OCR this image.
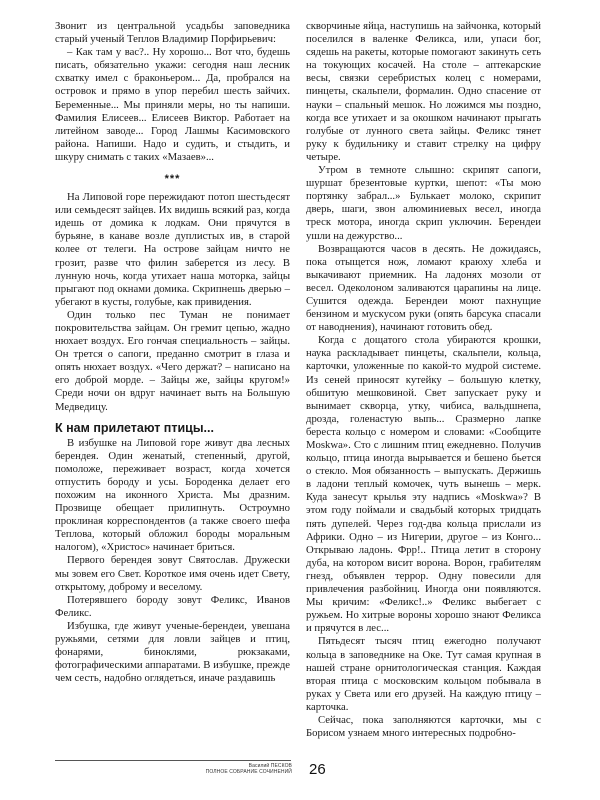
Звонит из центральной усадьбы заповедника старый ученый Теплов Владимир Порфирьевич:

– Как там у вас?.. Ну хорошо... Вот что, будешь писать, обязательно укажи: сегодня наш лесник схватку имел с браконьером... Да, пробрался на островок и прямо в упор перебил шесть зайчих. Беременные... Мы приняли меры, но ты напиши. Фамилия Елисеев... Елисеев Виктор. Работает на литейном заводе... Город Лашмы Касимовского района. Напиши. Надо и судить, и стыдить, и шкуру снимать с таких «Мазаев»...

***

На Липовой горе пережидают потоп шестьдесят или семьдесят зайцев. Их видишь всякий раз, когда идешь от домика к лодкам. Они прячутся в бурьяне, в канаве возле дуплистых ив, в старой колее от телеги. На острове зайцам ничто не грозит, разве что филин заберется из лесу. В лунную ночь, когда утихает наша моторка, зайцы прыгают под окнами домика. Скрипнешь дверью – убегают в кусты, голубые, как привидения.

Один только пес Туман не понимает покровительства зайцам. Он гремит цепью, жадно нюхает воздух. Его гончая специальность – зайцы. Он трется о сапоги, преданно смотрит в глаза и опять нюхает воздух. «Чего держат? – написано на его доброй морде. – Зайцы же, зайцы кругом!» Среди ночи он вдруг начинает выть на Большую Медведицу.

К нам прилетают птицы...

В избушке на Липовой горе живут два лесных берендея. Один женатый, степенный, другой, помоложе, переживает возраст, когда хочется отпустить бороду и усы. Бороденка делает его похожим на иконного Христа. Мы дразним. Прозвище обещает прилипнуть. Остроумно проклиная корреспондентов (а также своего шефа Теплова, который обложил бороды моральным налогом), «Христос» начинает бриться.

Первого берендея зовут Святослав. Дружески мы зовем его Свет. Короткое имя очень идет Свету, открытому, доброму и веселому.

Потерявшего бороду зовут Феликс, Иванов Феликс.

Избушка, где живут ученые-берендеи, увешана ружьями, сетями для ловли зайцев и птиц, фонарями, биноклями, рюкзаками, фотографическими аппаратами. В избушке, прежде чем сесть, надобно оглядеться, иначе раздавишь

скворчиные яйца, наступишь на зайчонка, который поселился в валенке Феликса, или, упаси бог, сядешь на ракеты, которые помогают закинуть сеть на токующих косачей. На столе – аптекарские весы, связки серебристых колец с номерами, пинцеты, скальпели, формалин. Одно спасение от науки – спальный мешок. Но ложимся мы поздно, когда все утихает и за окошком начинают прыгать голубые от лунного света зайцы. Феликс тянет руку к будильнику и ставит стрелку на цифру четыре.

Утром в темноте слышно: скрипят сапоги, шуршат брезентовые куртки, шепот: «Ты мою портянку забрал...» Булькает молоко, скрипит дверь, шаги, звон алюминиевых весел, иногда треск мотора, иногда скрип уключин. Берендеи ушли на дежурство...

Возвращаются часов в десять. Не дожидаясь, пока отыщется нож, ломают краюху хлеба и выкачивают приемник. На ладонях мозоли от весел. Одеколоном заливаются царапины на лице. Сушится одежда. Берендеи моют пахнущие бензином и мускусом руки (опять барсука спасали от наводнения), начинают готовить обед.

Когда с дощатого стола убираются крошки, наука раскладывает пинцеты, скальпели, кольца, карточки, уложенные по какой-то мудрой системе. Из сеней приносят кутейку – большую клетку, обшитую мешковиной. Свет запускает руку и вынимает скворца, утку, чибиса, вальдшнепа, дрозда, голенастую выпь... Сразмерно лапке береста кольцо с номером и словами: «Сообщите Moskwa». Сто с лишним птиц ежедневно. Получив кольцо, птица иногда вырывается и бешено бьется о стекло. Моя обязанность – выпускать. Держишь в ладони теплый комочек, чуть вынешь – мерк. Куда занесут крылья эту надпись «Moskwa»? В этом году поймали и свадьбый которых тридцать пять дупелей. Через год-два кольца прислали из Африки. Одно – из Нигерии, другое – из Конго... Открываю ладонь. Фрр!.. Птица летит в сторону дуба, на котором висит ворона. Ворон, грабителям гнезд, объявлен террор. Одну повесили для привлечения разбойниц. Иногда они появляются. Мы кричим: «Феликс!..» Феликс выбегает с ружьем. Но хитрые вороны хорошо знают Феликса и прячутся в лес...

Пятьдесят тысяч птиц ежегодно получают кольца в заповеднике на Оке. Тут самая крупная в нашей стране орнитологическая станция. Каждая вторая птица с московским кольцом побывала в руках у Света или его друзей. На каждую птицу – карточка.

Сейчас, пока заполняются карточки, мы с Борисом узнаем много интересных подробно-

Василий ПЕСКОВ
ПОЛНОЕ СОБРАНИЕ СОЧИНЕНИЙ 26
